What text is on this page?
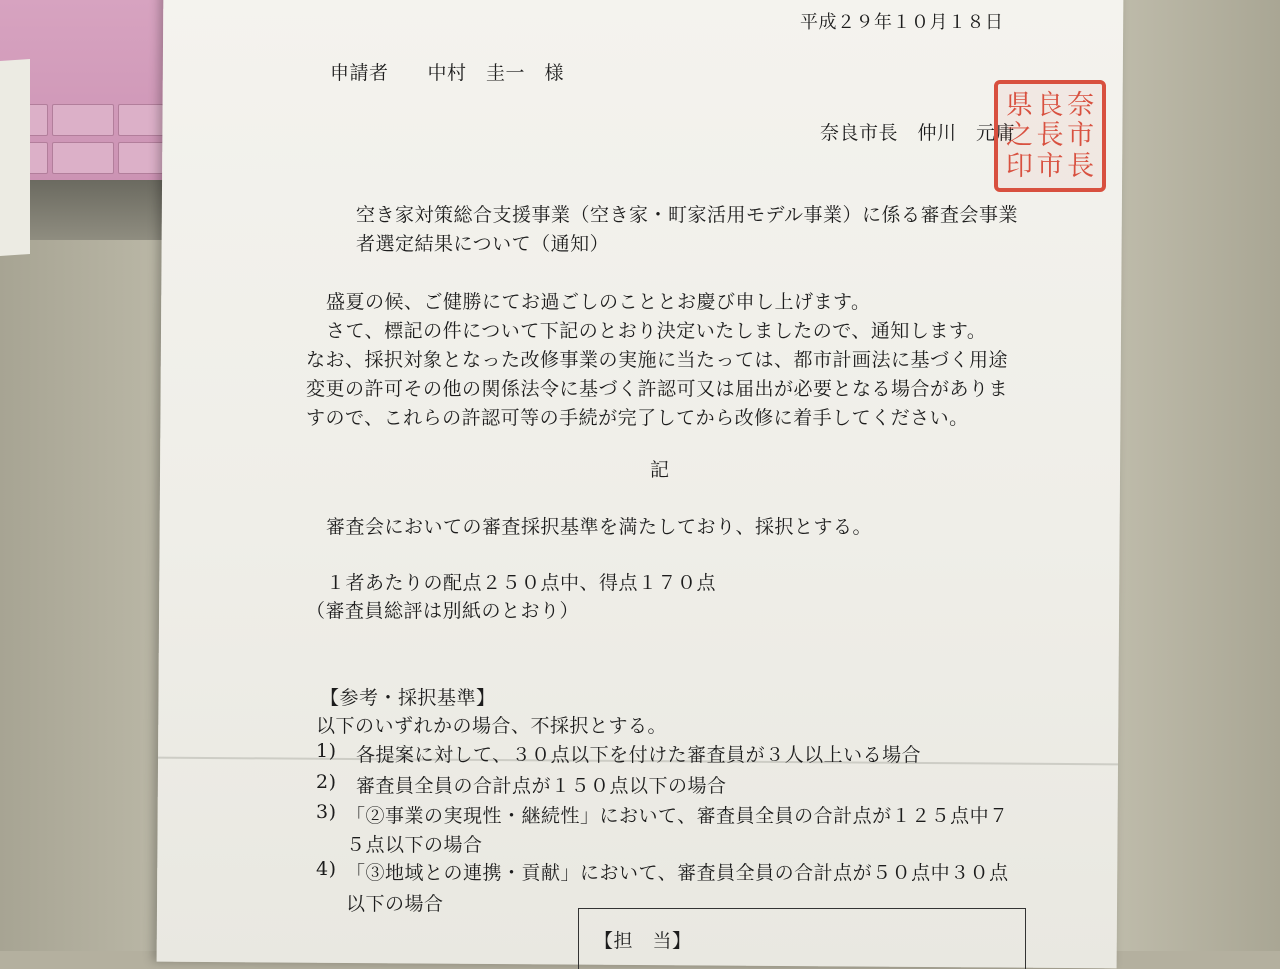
平成２９年１０月１８日
申請者　　中村　圭一　様
奈良市長　仲川　元庸
県 良 奈
之 長 市
印 市 長
空き家対策総合支援事業（空き家・町家活用モデル事業）に係る審査会事業
者選定結果について（通知）
盛夏の候、ご健勝にてお過ごしのこととお慶び申し上げます。
さて、標記の件について下記のとおり決定いたしましたので、通知します。
なお、採択対象となった改修事業の実施に当たっては、都市計画法に基づく用途
変更の許可その他の関係法令に基づく許認可又は届出が必要となる場合がありま
すので、これらの許認可等の手続が完了してから改修に着手してください。
記
審査会においての審査採択基準を満たしており、採択とする。
１者あたりの配点２５０点中、得点１７０点
（審査員総評は別紙のとおり）
【参考・採択基準】
以下のいずれかの場合、不採択とする。
1) 各提案に対して、３０点以下を付けた審査員が３人以上いる場合
2) 審査員全員の合計点が１５０点以下の場合
3) 「②事業の実現性・継続性」において、審査員全員の合計点が１２５点中７
５点以下の場合
4) 「③地域との連携・貢献」において、審査員全員の合計点が５０点中３０点
以下の場合
【担　当】
